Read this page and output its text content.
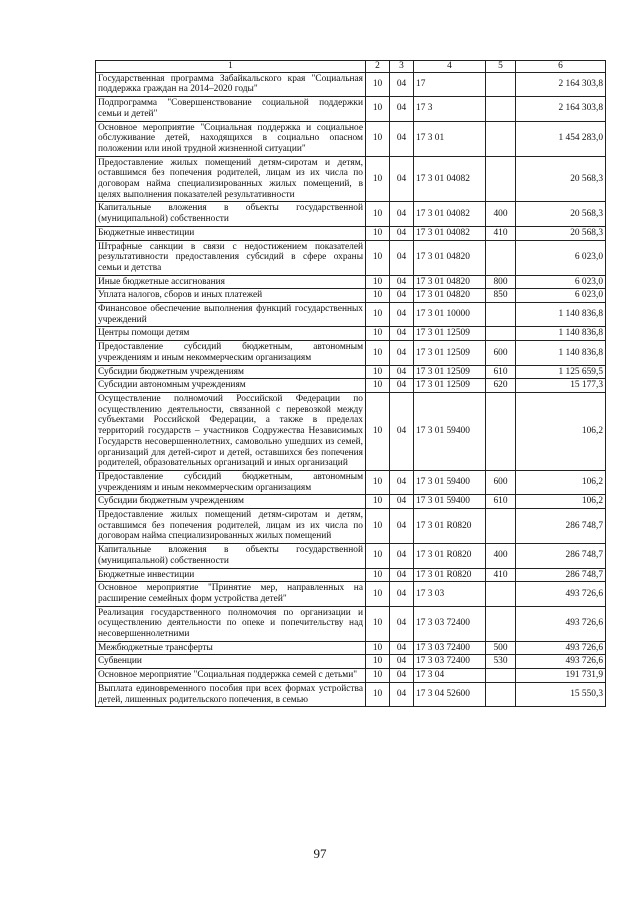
1	2	3	4	5	6
Государственная программа Забайкальского края "Социальная поддержка граждан на 2014–2020 годы"	10	04	17		2 164 303,8
Подпрограмма "Совершенствование социальной поддержки семьи и детей"	10	04	17 3		2 164 303,8
Основное мероприятие "Социальная поддержка и социальное обслуживание детей, находящихся в социально опасном положении или иной трудной жизненной ситуации"	10	04	17 3 01		1 454 283,0
Предоставление жилых помещений детям-сиротам и детям, оставшимся без попечения родителей, лицам из их числа по договорам найма специализированных жилых помещений, в целях выполнения показателей результативности	10	04	17 3 01 04082		20 568,3
Капитальные вложения в объекты государственной (муниципальной) собственности	10	04	17 3 01 04082	400	20 568,3
Бюджетные инвестиции	10	04	17 3 01 04082	410	20 568,3
Штрафные санкции в связи с недостижением показателей результативности предоставления субсидий в сфере охраны семьи и детства	10	04	17 3 01 04820		6 023,0
Иные бюджетные ассигнования	10	04	17 3 01 04820	800	6 023,0
Уплата налогов, сборов и иных платежей	10	04	17 3 01 04820	850	6 023,0
Финансовое обеспечение выполнения функций государственных учреждений	10	04	17 3 01 10000		1 140 836,8
Центры помощи детям	10	04	17 3 01 12509		1 140 836,8
Предоставление субсидий бюджетным, автономным учреждениям и иным некоммерческим организациям	10	04	17 3 01 12509	600	1 140 836,8
Субсидии бюджетным учреждениям	10	04	17 3 01 12509	610	1 125 659,5
Субсидии автономным учреждениям	10	04	17 3 01 12509	620	15 177,3
Осуществление полномочий Российской Федерации по осуществлению деятельности, связанной с перевозкой между субъектами Российской Федерации, а также в пределах территорий государств – участников Содружества Независимых Государств несовершеннолетних, самовольно ушедших из семей, организаций для детей-сирот и детей, оставшихся без попечения родителей, образовательных организаций и иных организаций	10	04	17 3 01 59400		106,2
Предоставление субсидий бюджетным, автономным учреждениям и иным некоммерческим организациям	10	04	17 3 01 59400	600	106,2
Субсидии бюджетным учреждениям	10	04	17 3 01 59400	610	106,2
Предоставление жилых помещений детям-сиротам и детям, оставшимся без попечения родителей, лицам из их числа по договорам найма специализированных жилых помещений	10	04	17 3 01 R0820		286 748,7
Капитальные вложения в объекты государственной (муниципальной) собственности	10	04	17 3 01 R0820	400	286 748,7
Бюджетные инвестиции	10	04	17 3 01 R0820	410	286 748,7
Основное мероприятие "Принятие мер, направленных на расширение семейных форм устройства детей"	10	04	17 3 03		493 726,6
Реализация государственного полномочия по организации и осуществлению деятельности по опеке и попечительству над несовершеннолетними	10	04	17 3 03 72400		493 726,6
Межбюджетные трансферты	10	04	17 3 03 72400	500	493 726,6
Субвенции	10	04	17 3 03 72400	530	493 726,6
Основное мероприятие "Социальная поддержка семей с детьми"	10	04	17 3 04		191 731,9
Выплата единовременного пособия при всех формах устройства детей, лишенных родительского попечения, в семью	10	04	17 3 04 52600		15 550,3
97
